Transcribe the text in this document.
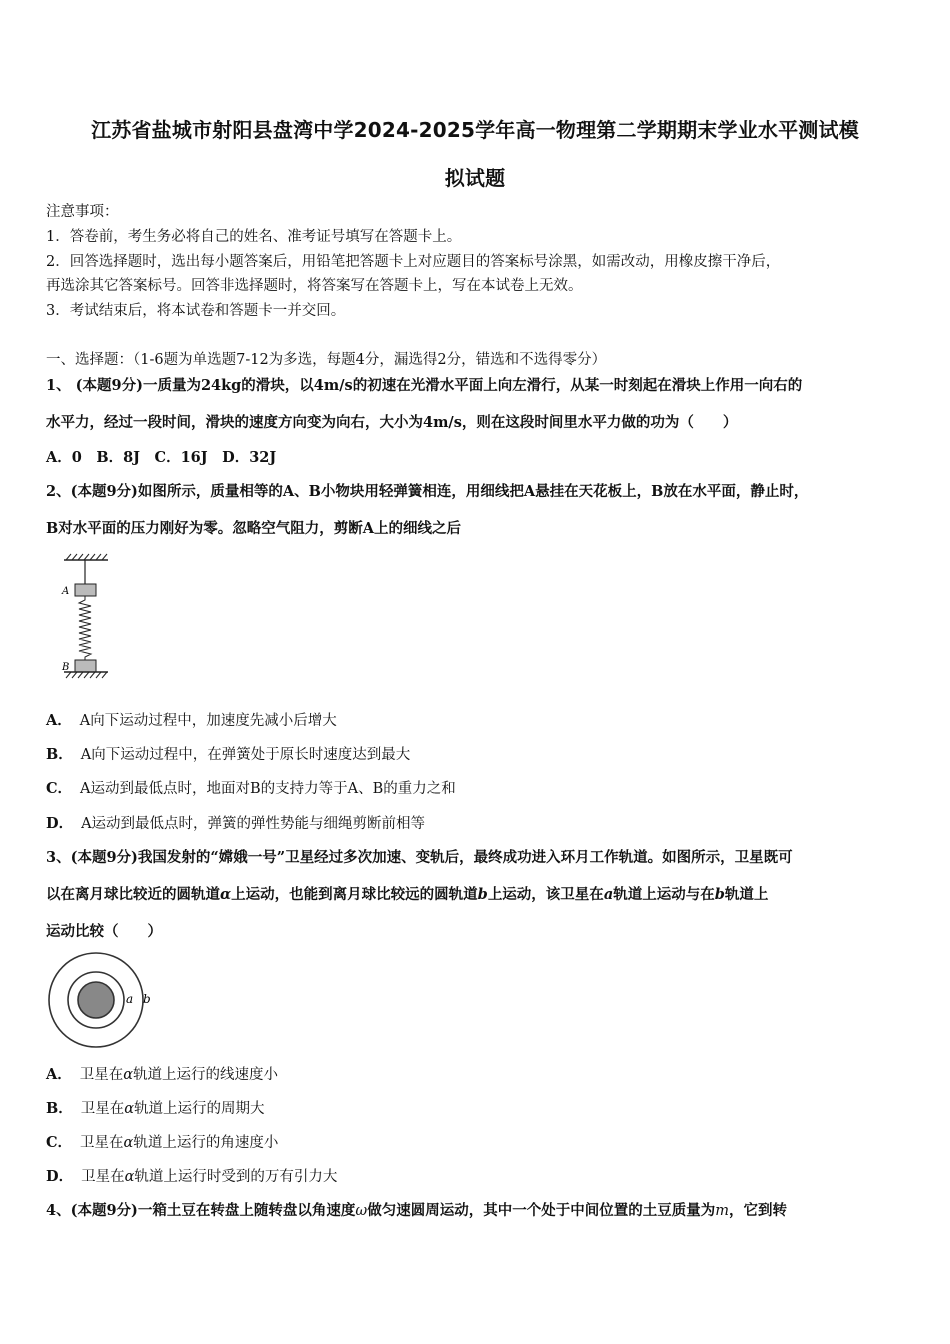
江苏省盐城市射阳县盘湾中学2024-2025学年高一物理第二学期期末学业水平测试模
拟试题
注意事项：
1．答卷前，考生务必将自己的姓名、准考证号填写在答题卡上。
2．回答选择题时，选出每小题答案后，用铅笔把答题卡上对应题目的答案标号涂黑，如需改动，用橡皮擦干净后，
再选涂其它答案标号。回答非选择题时，将答案写在答题卡上，写在本试卷上无效。
3．考试结束后，将本试卷和答题卡一并交回。
一、选择题：（1-6题为单选题7-12为多选，每题4分，漏选得2分，错选和不选得零分）
1、 (本题9分)一质量为24kg的滑块，以4m/s的初速在光滑水平面上向左滑行，从某一时刻起在滑块上作用一向右的
水平力，经过一段时间，滑块的速度方向变为向右，大小为4m/s，则在这段时间里水平力做的功为（　　）
A．0　B．8J　C．16J　D．32J
2、(本题9分)如图所示，质量相等的A、B小物块用轻弹簧相连，用细线把A悬挂在天花板上，B放在水平面，静止时，
B对水平面的压力刚好为零。忽略空气阻力，剪断A上的细线之后
A
B
A． A向下运动过程中，加速度先减小后增大
B． A向下运动过程中，在弹簧处于原长时速度达到最大
C． A运动到最低点时，地面对B的支持力等于A、B的重力之和
D． A运动到最低点时，弹簧的弹性势能与细绳剪断前相等
3、(本题9分)我国发射的“嫦娥一号”卫星经过多次加速、变轨后，最终成功进入环月工作轨道。如图所示，卫星既可
以在离月球比较近的圆轨道α上运动，也能到离月球比较远的圆轨道b上运动，该卫星在a轨道上运动与在b轨道上
运动比较（　　）
a b
A． 卫星在α轨道上运行的线速度小
B． 卫星在α轨道上运行的周期大
C． 卫星在α轨道上运行的角速度小
D． 卫星在α轨道上运行时受到的万有引力大
4、(本题9分)一箱土豆在转盘上随转盘以角速度ω做匀速圆周运动，其中一个处于中间位置的土豆质量为m，它到转
